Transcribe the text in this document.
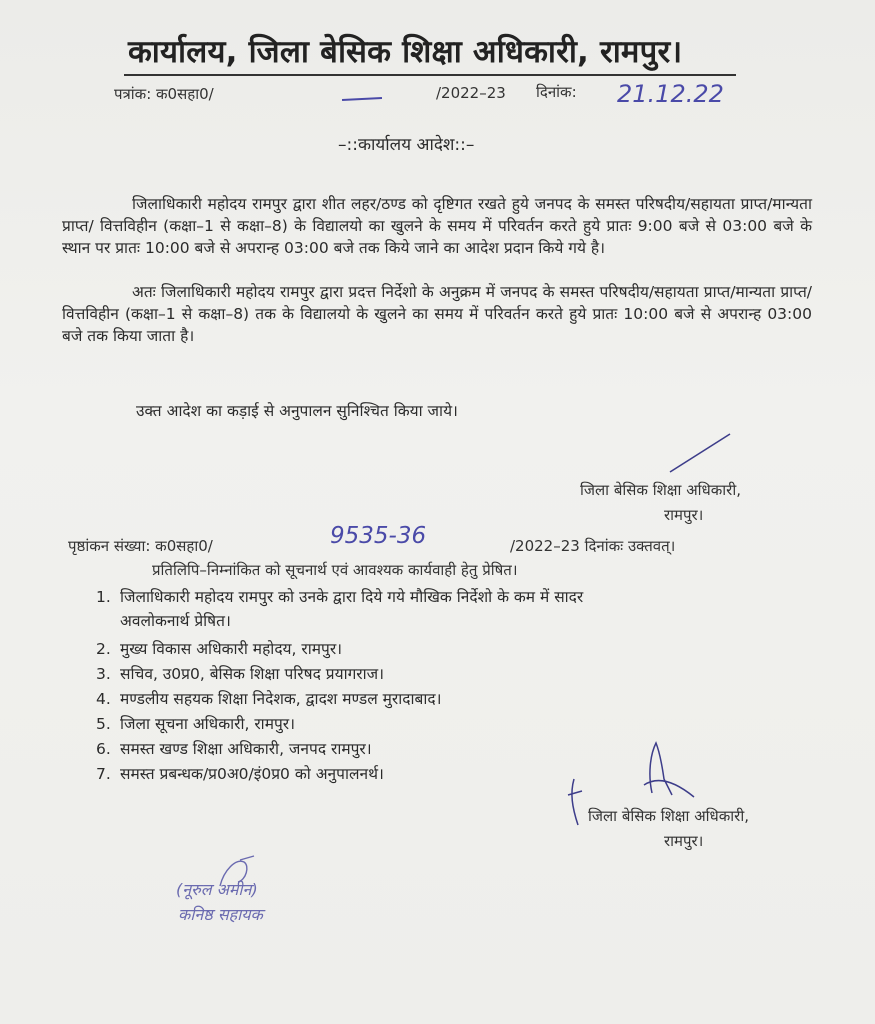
कार्यालय, जिला बेसिक शिक्षा अधिकारी, रामपुर।
पत्रांक: क0सहा0/	/2022–23 दिनांक: 21.12.22
–::कार्यालय आदेश::–
जिलाधिकारी महोदय रामपुर द्वारा शीत लहर/ठण्ड को दृष्टिगत रखते हुये जनपद के समस्त परिषदीय/सहायता प्राप्त/मान्यता प्राप्त/ वित्तविहीन (कक्षा–1 से कक्षा–8) के विद्यालयो का खुलने के समय में परिवर्तन करते हुये प्रातः 9:00 बजे से 03:00 बजे के स्थान पर प्रातः 10:00 बजे से अपरान्ह 03:00 बजे तक किये जाने का आदेश प्रदान किये गये है।
अतः जिलाधिकारी महोदय रामपुर द्वारा प्रदत्त निर्देशो के अनुक्रम में जनपद के समस्त परिषदीय/सहायता प्राप्त/मान्यता प्राप्त/वित्तविहीन (कक्षा–1 से कक्षा–8) तक के विद्यालयो के खुलने का समय में परिवर्तन करते हुये प्रातः 10:00 बजे से अपरान्ह 03:00 बजे तक किया जाता है।
उक्त आदेश का कड़ाई से अनुपालन सुनिश्चित किया जाये।
जिला बेसिक शिक्षा अधिकारी,
रामपुर।
पृष्ठांकन संख्या: क0सहा0/	9535-36	/2022–23 दिनांकः उक्तवत्।
प्रतिलिपि–निम्नांकित को सूचनार्थ एवं आवश्यक कार्यवाही हेतु प्रेषित।
1. जिलाधिकारी महोदय रामपुर को उनके द्वारा दिये गये मौखिक निर्देशो के कम में सादर
अवलोकनार्थ प्रेषित।
2. मुख्य विकास अधिकारी महोदय, रामपुर।
3. सचिव, उ0प्र0, बेसिक शिक्षा परिषद प्रयागराज।
4. मण्डलीय सहयक शिक्षा निदेशक, द्वादश मण्डल मुरादाबाद।
5. जिला सूचना अधिकारी, रामपुर।
6. समस्त खण्ड शिक्षा अधिकारी, जनपद रामपुर।
7. समस्त प्रबन्धक/प्र0अ0/इं0प्र0 को अनुपालनर्थ।
जिला बेसिक शिक्षा अधिकारी,
रामपुर।
(नूरुल अमीन)
कनिष्ठ सहायक
